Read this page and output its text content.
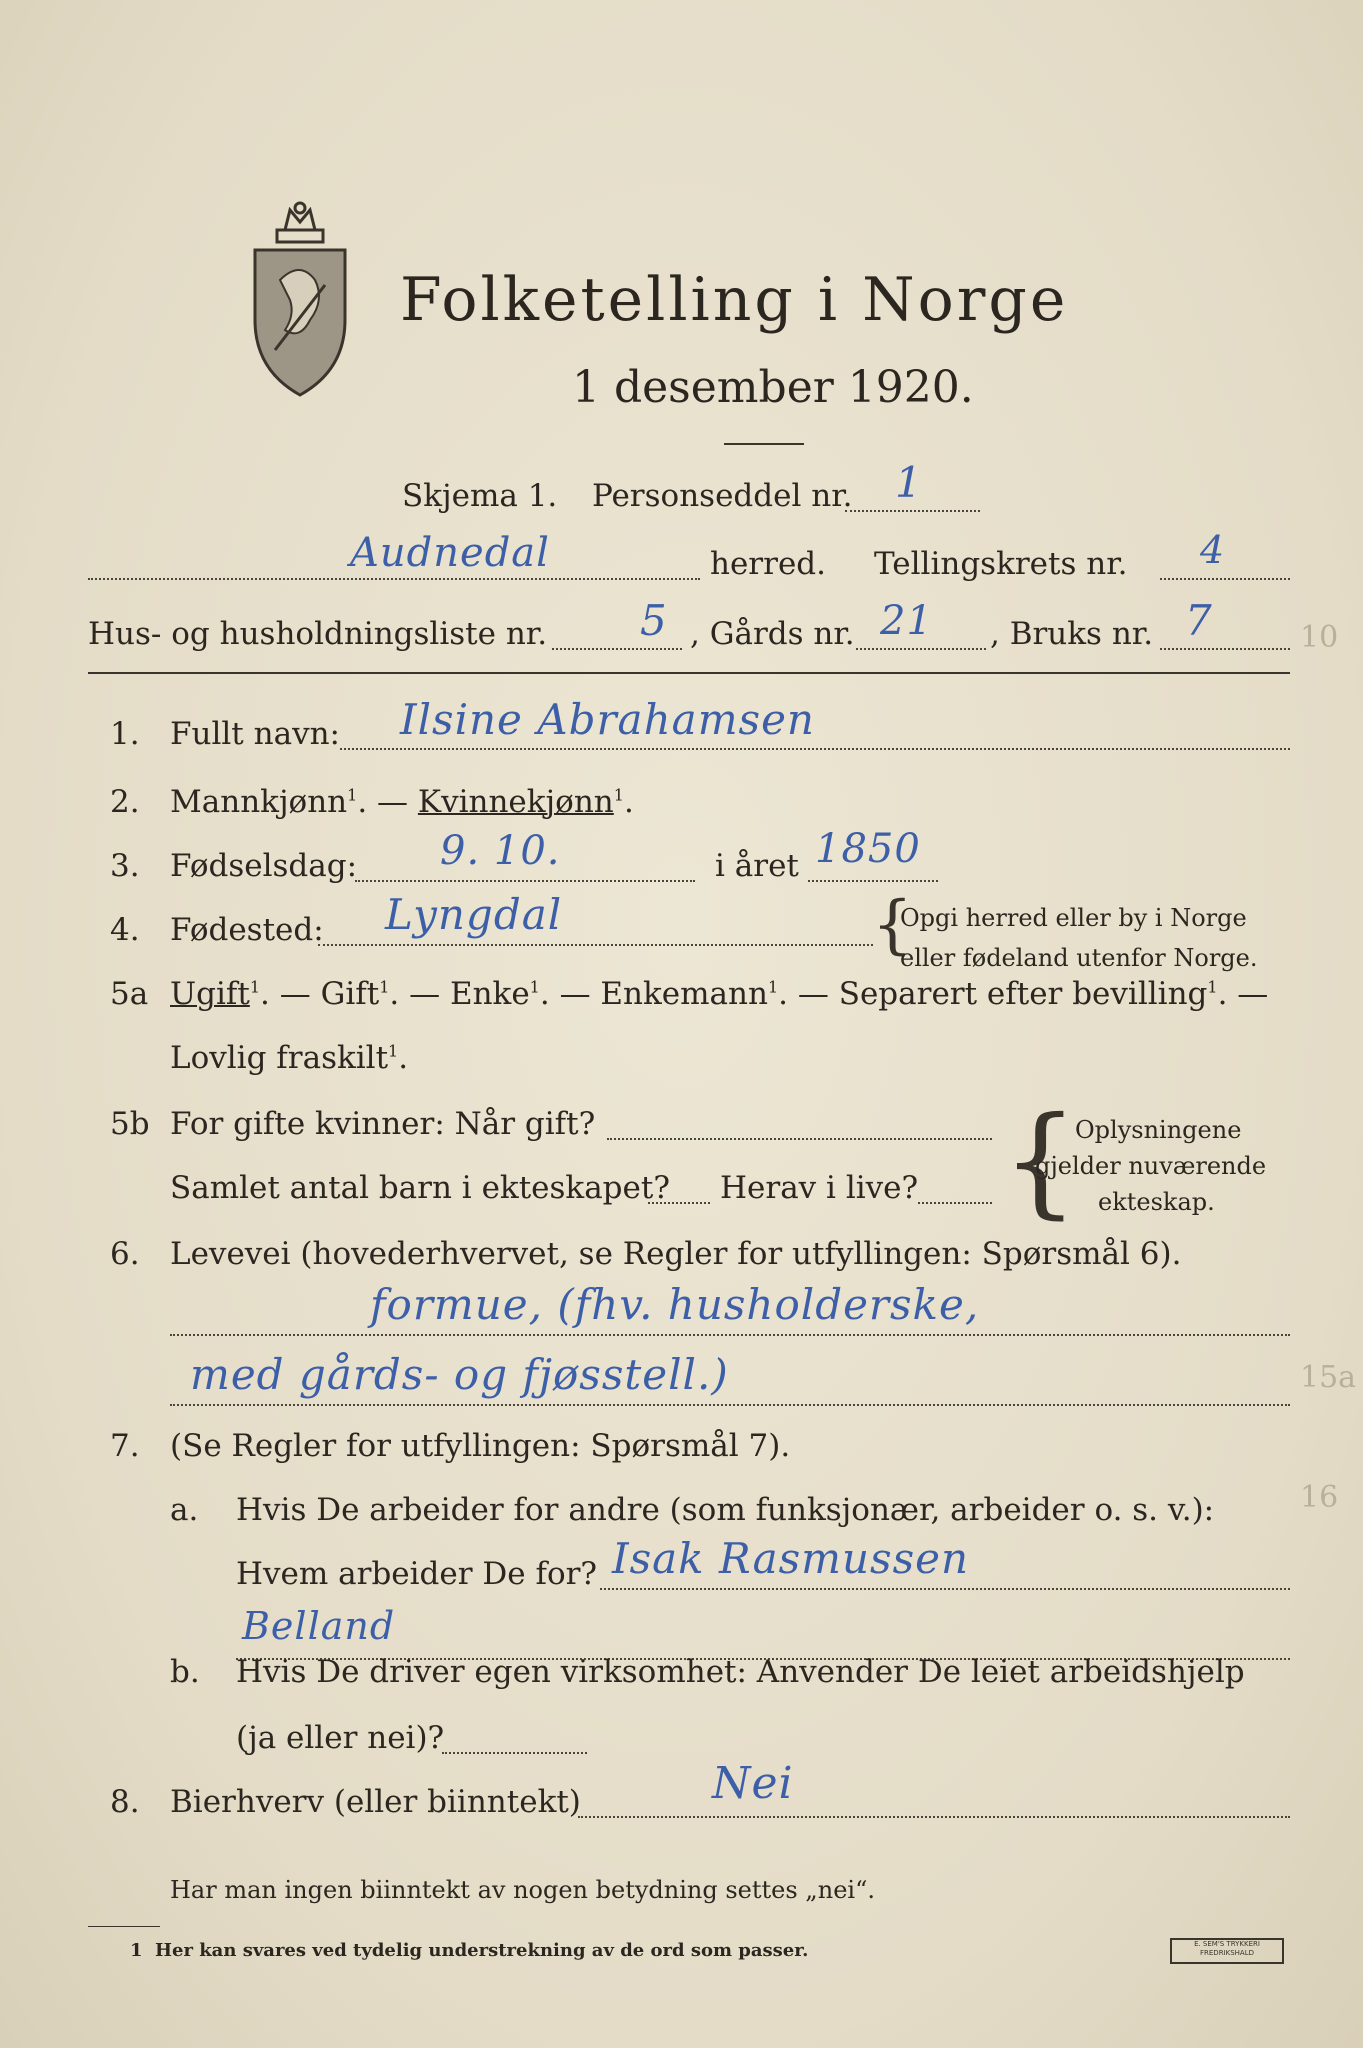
10
15a
16
Folketelling i Norge
1 desember 1920.
Skjema 1. Personseddel nr. 1
Audnedal	herred. Tellingskrets nr. 4
Hus- og husholdningsliste nr. 5 , Gårds nr. 21 , Bruks nr. 7
1. Fullt navn: Ilsine Abrahamsen
2. Mannkjønn$^1$. — Kvinnekjønn$^1$.
3. Fødselsdag: 9. 10.	i året 1850
4. Fødested: Lyngdal	{
Opgi herred eller by i Norge
eller fødeland utenfor Norge.
5a Ugift$^1$. — Gift$^1$. — Enke$^1$. — Enkemann$^1$. — Separert efter bevilling$^1$. —
Lovlig fraskilt$^1$.
5b For gifte kvinner: Når gift?
Samlet antal barn i ekteskapet? Herav i live? {
Oplysningene
gjelder nuværende
ekteskap.
6. Levevei (hovederhvervet, se Regler for utfyllingen: Spørsmål 6).
formue, (fhv. husholderske,
med gårds- og fjøsstell.)
7. (Se Regler for utfyllingen: Spørsmål 7).
a. Hvis De arbeider for andre (som funksjonær, arbeider o. s. v.):
Hvem arbeider De for? Isak Rasmussen
Belland
b. Hvis De driver egen virksomhet: Anvender De leiet arbeidshjelp
(ja eller nei)?
8. Bierhverv (eller biinntekt)	Nei
Har man ingen biinntekt av nogen betydning settes „nei“.
1 Her kan svares ved tydelig understrekning av de ord som passer.	E. SEM'S TRYKKERI
FREDRIKSHALD
